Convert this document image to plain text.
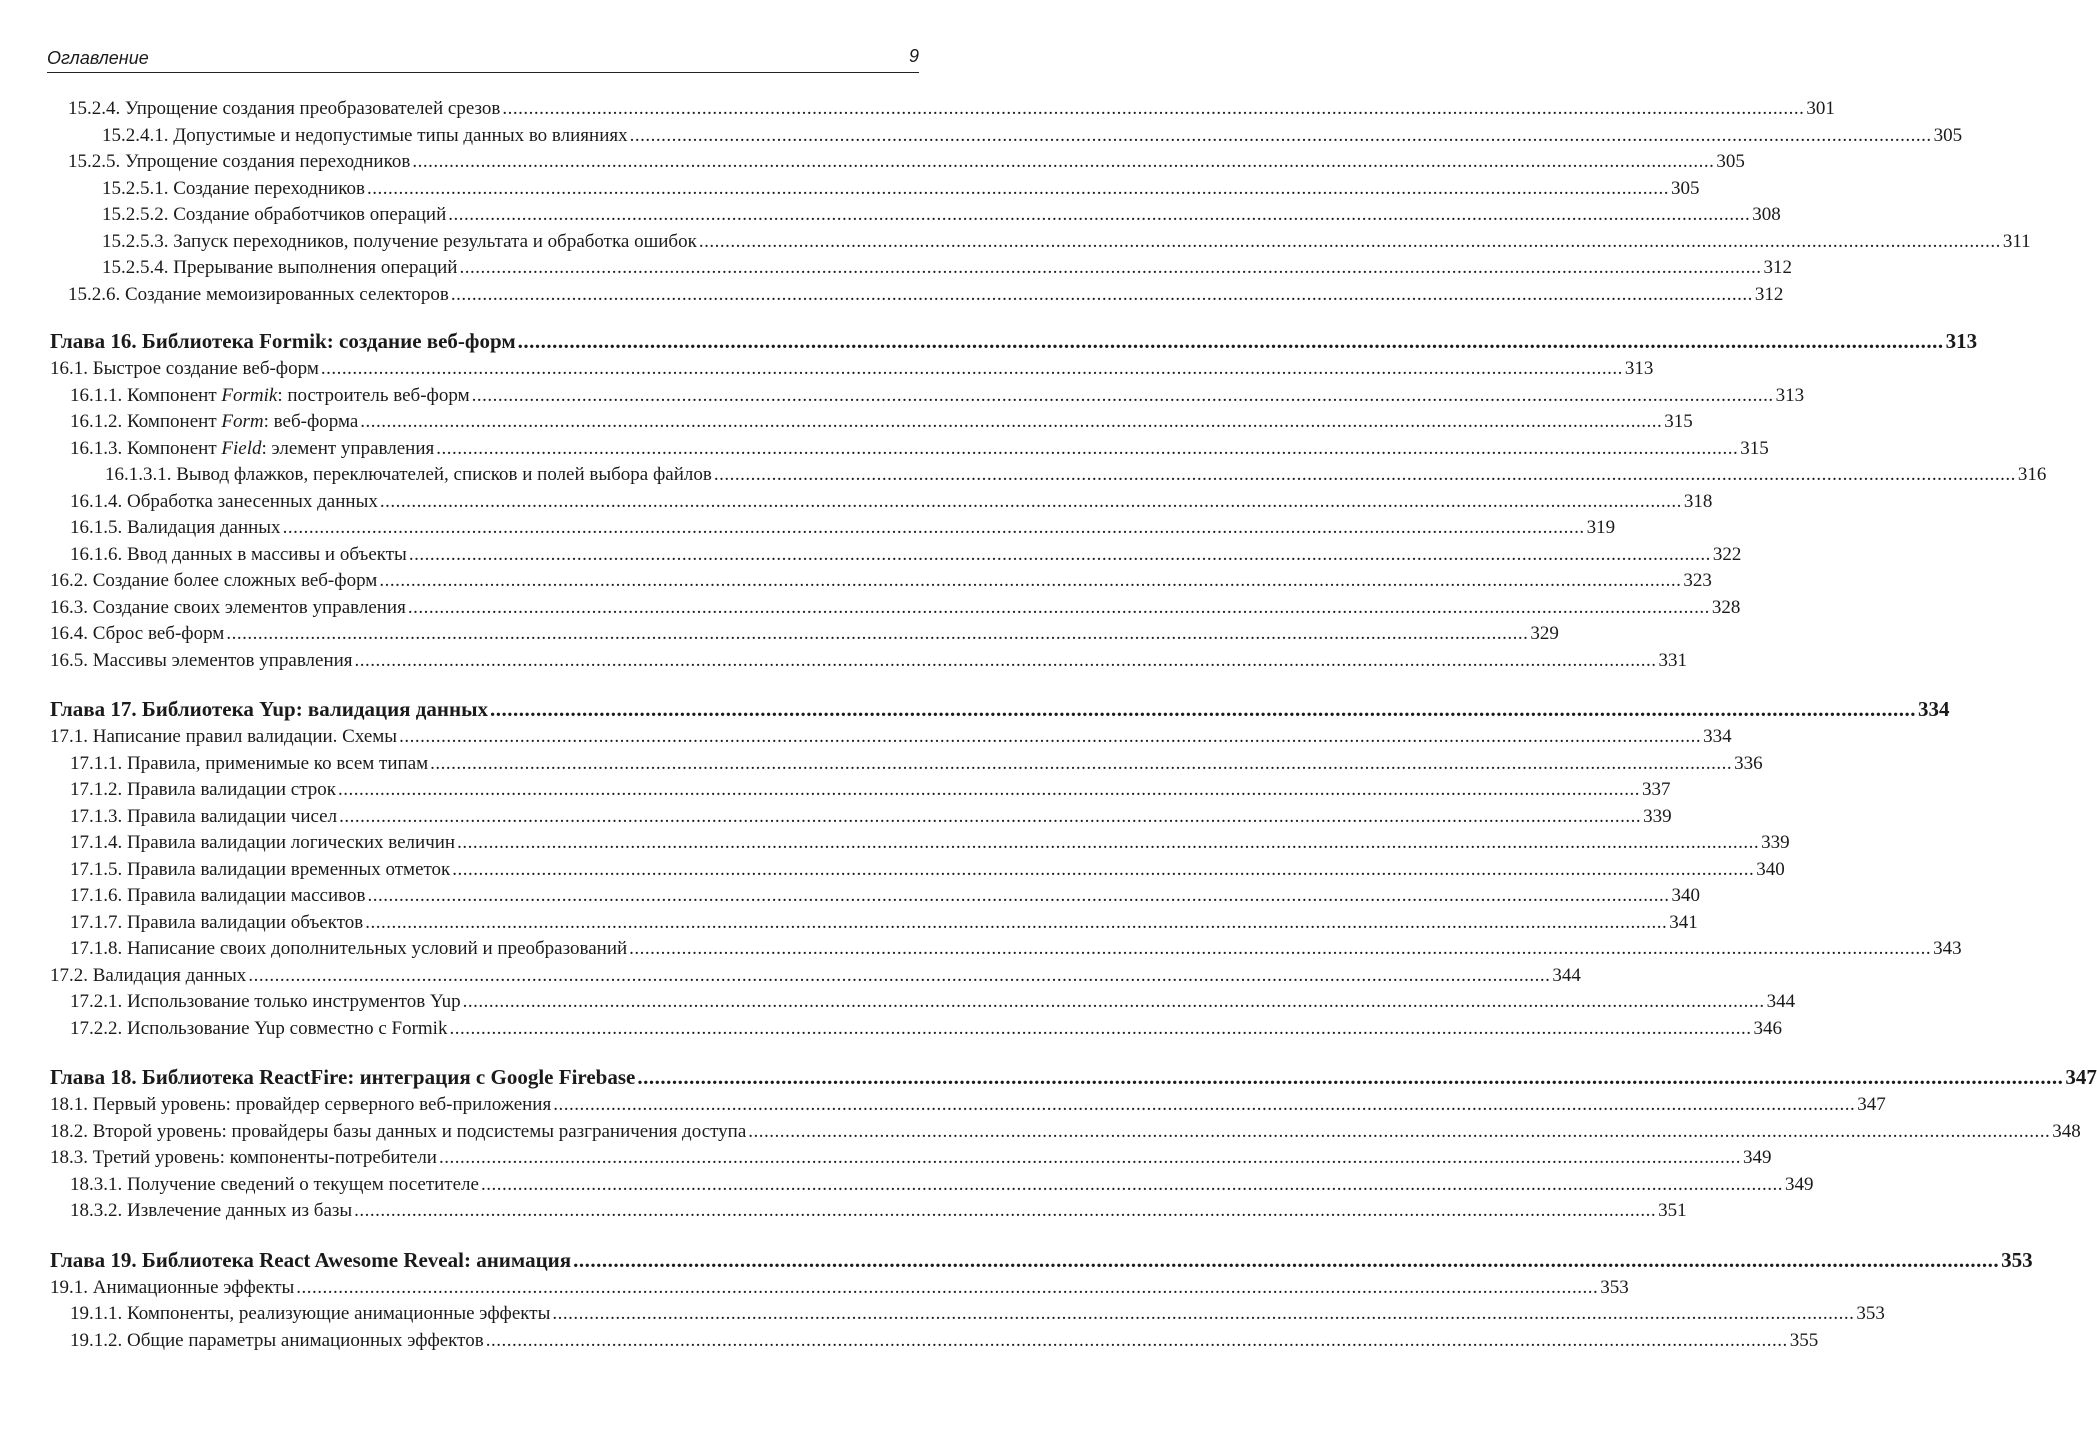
Оглавление	9
15.2.4. Упрощение создания преобразователей срезов .....	301
15.2.4.1. Допустимые и недопустимые типы данных во влияниях .....	305
15.2.5. Упрощение создания переходников .....	305
15.2.5.1. Создание переходников .....	305
15.2.5.2. Создание обработчиков операций .....	308
15.2.5.3. Запуск переходников, получение результата и обработка ошибок .....	311
15.2.5.4. Прерывание выполнения операций .....	312
15.2.6. Создание мемоизированных селекторов .....	312
Глава 16. Библиотека Formik: создание веб-форм .....	313
16.1. Быстрое создание веб-форм .....	313
16.1.1. Компонент Formik: построитель веб-форм .....	313
16.1.2. Компонент Form: веб-форма .....	315
16.1.3. Компонент Field: элемент управления .....	315
16.1.3.1. Вывод флажков, переключателей, списков и полей выбора файлов .....	316
16.1.4. Обработка занесенных данных .....	318
16.1.5. Валидация данных .....	319
16.1.6. Ввод данных в массивы и объекты .....	322
16.2. Создание более сложных веб-форм .....	323
16.3. Создание своих элементов управления .....	328
16.4. Сброс веб-форм .....	329
16.5. Массивы элементов управления .....	331
Глава 17. Библиотека Yup: валидация данных .....	334
17.1. Написание правил валидации. Схемы .....	334
17.1.1. Правила, применимые ко всем типам .....	336
17.1.2. Правила валидации строк .....	337
17.1.3. Правила валидации чисел .....	339
17.1.4. Правила валидации логических величин .....	339
17.1.5. Правила валидации временных отметок .....	340
17.1.6. Правила валидации массивов .....	340
17.1.7. Правила валидации объектов .....	341
17.1.8. Написание своих дополнительных условий и преобразований .....	343
17.2. Валидация данных .....	344
17.2.1. Использование только инструментов Yup .....	344
17.2.2. Использование Yup совместно с Formik .....	346
Глава 18. Библиотека ReactFire: интеграция с Google Firebase .....	347
18.1. Первый уровень: провайдер серверного веб-приложения .....	347
18.2. Второй уровень: провайдеры базы данных и подсистемы разграничения доступа .....	348
18.3. Третий уровень: компоненты-потребители .....	349
18.3.1. Получение сведений о текущем посетителе .....	349
18.3.2. Извлечение данных из базы .....	351
Глава 19. Библиотека React Awesome Reveal: анимация .....	353
19.1. Анимационные эффекты .....	353
19.1.1. Компоненты, реализующие анимационные эффекты .....	353
19.1.2. Общие параметры анимационных эффектов .....	355
